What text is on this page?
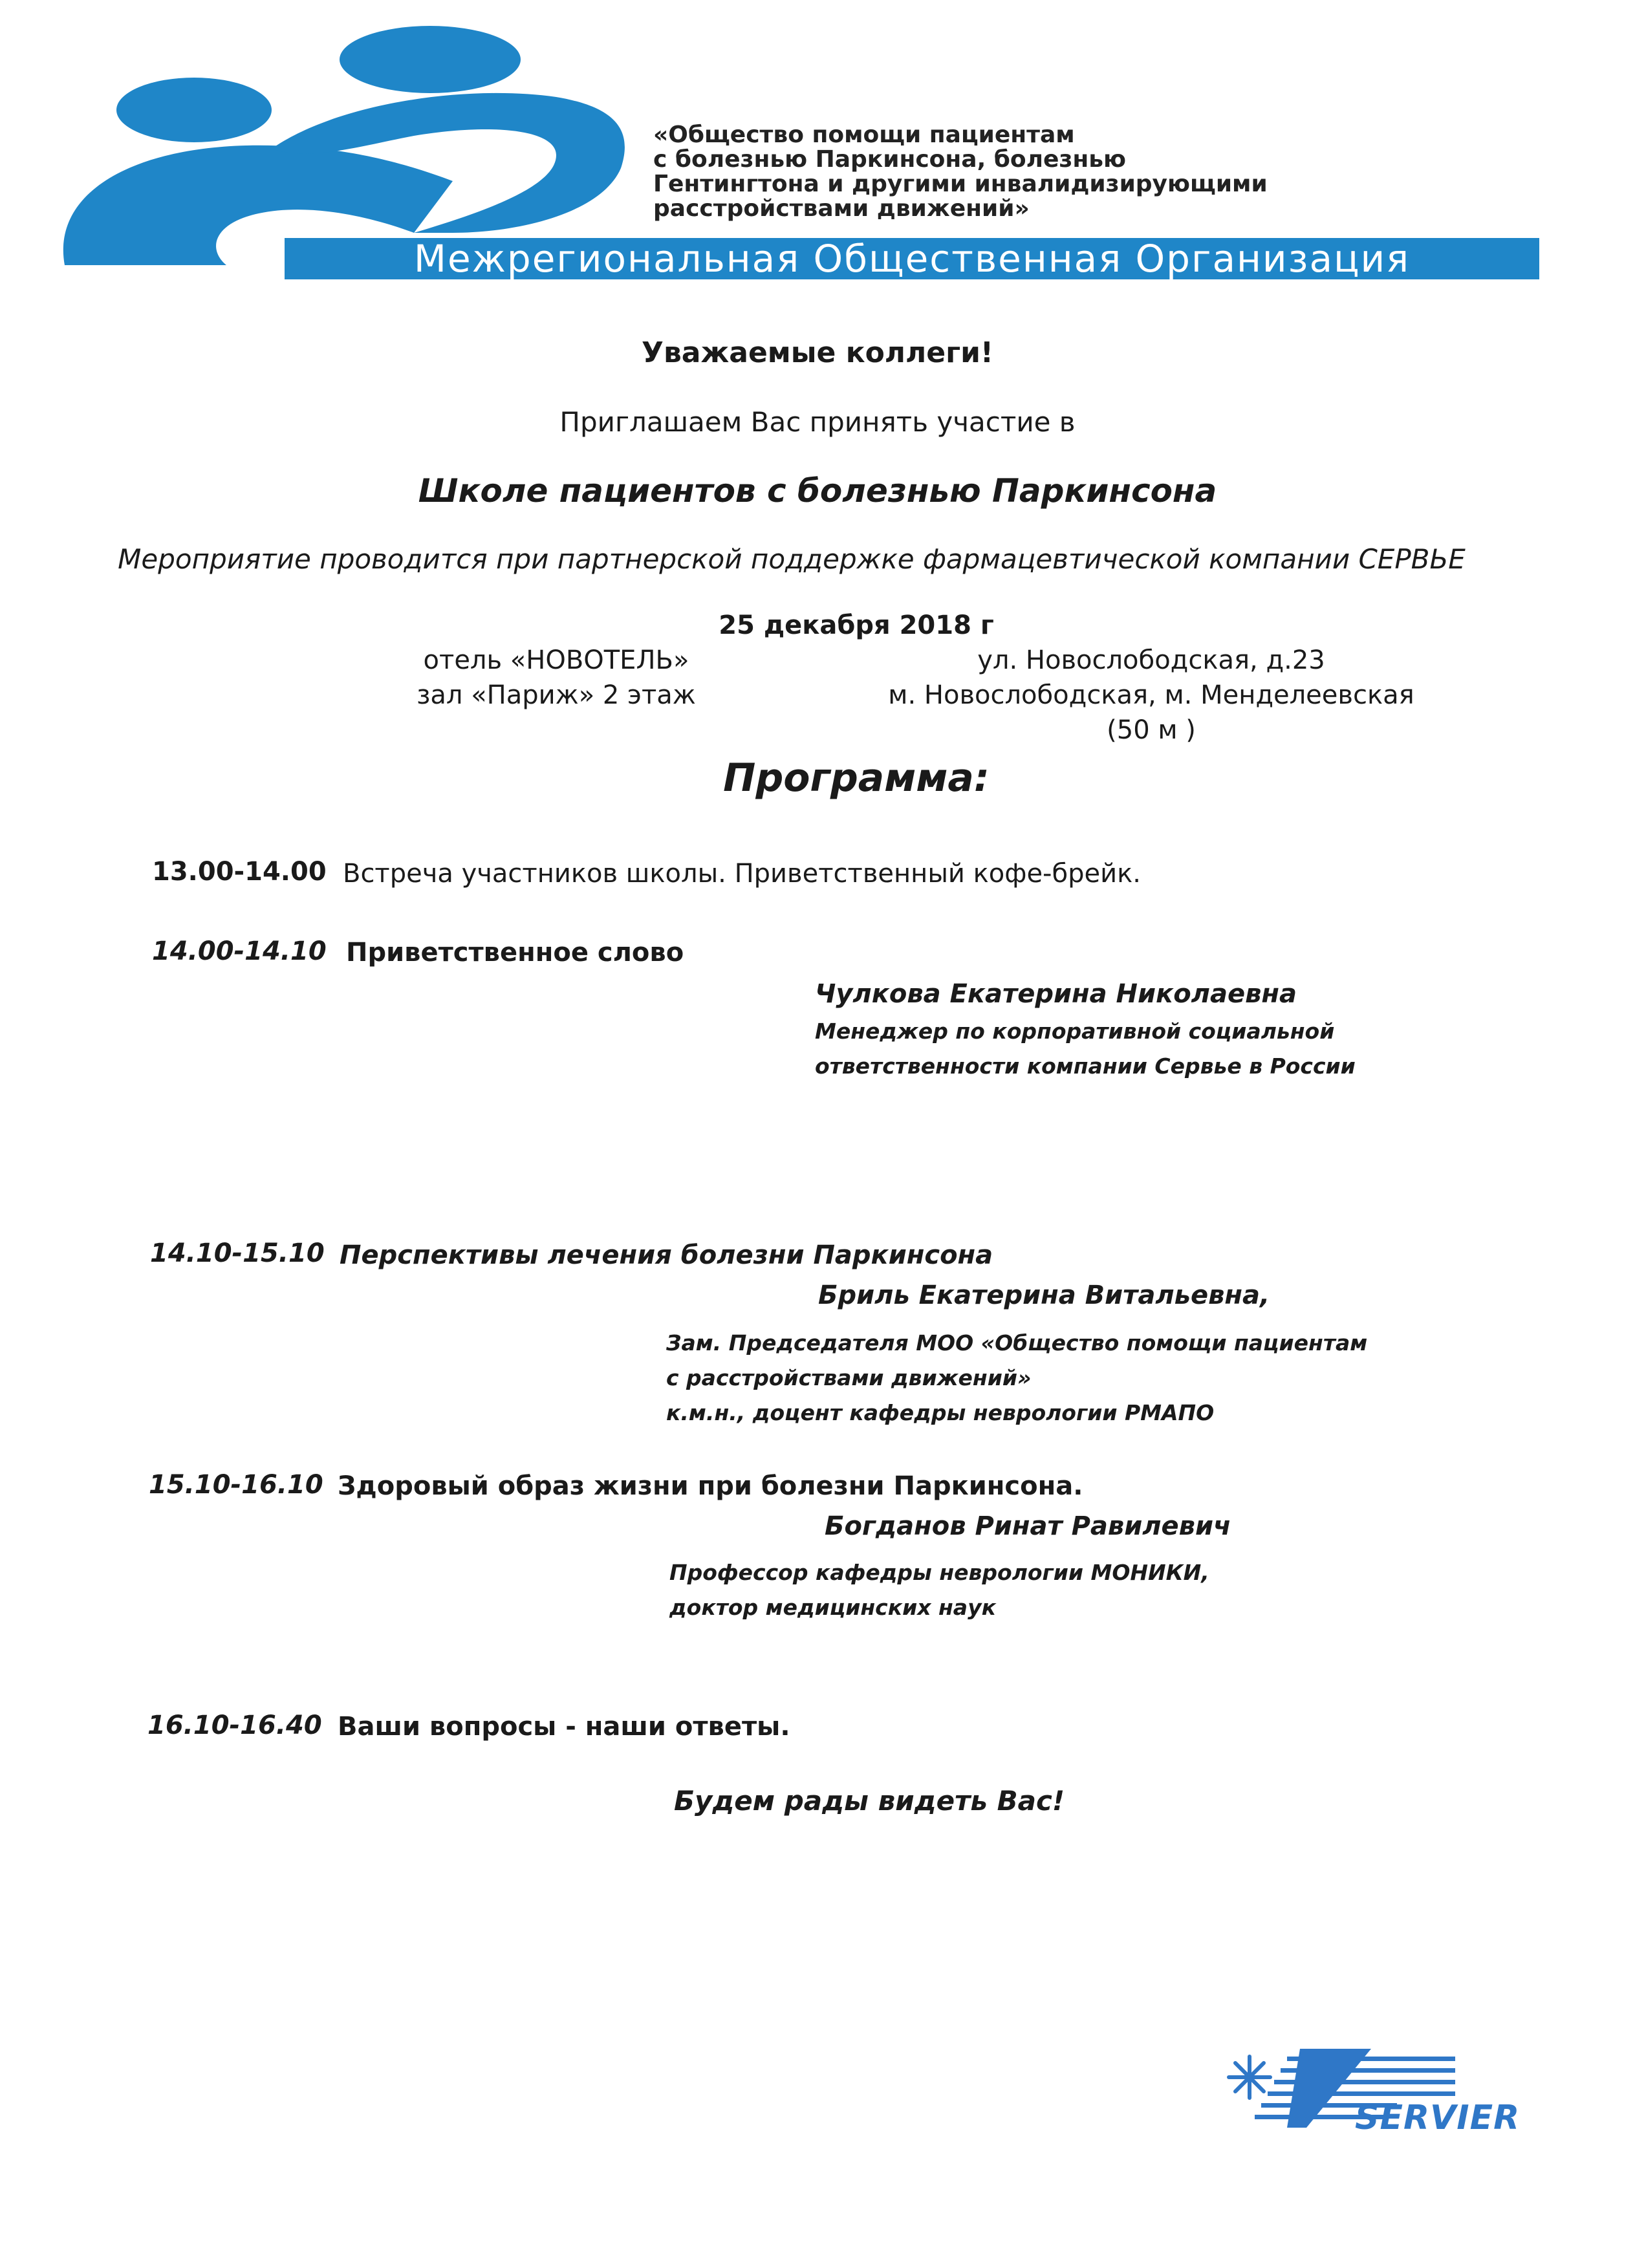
«Общество помощи пациентам
с болезнью Паркинсона, болезнью
Гентингтона и другими инвалидизирующими
расстройствами движений»
Межрегиональная Общественная Организация
Уважаемые коллеги!
Приглашаем Вас принять участие в
Школе пациентов с болезнью Паркинсона
Мероприятие проводится при партнерской поддержке фармацевтической компании СЕРВЬЕ
25 декабря 2018 г
отель «НОВОТЕЛЬ»
зал «Париж» 2 этаж
ул. Новослободская, д.23
м. Новослободская, м. Менделеевская
(50 м )
Программа:
13.00-14.00 Встреча участников школы. Приветственный кофе-брейк.
14.00-14.10 Приветственное слово
Чулкова Екатерина Николаевна
Менеджер по корпоративной социальной
ответственности компании Сервье в России
14.10-15.10 Перспективы лечения болезни Паркинсона
Бриль Екатерина Витальевна,
Зам. Председателя МОО «Общество помощи пациентам
с расстройствами движений»
к.м.н., доцент кафедры неврологии РМАПО
15.10-16.10 Здоровый образ жизни при болезни Паркинсона.
Богданов Ринат Равилевич
Профессор кафедры неврологии МОНИКИ,
доктор медицинских наук
16.10-16.40 Ваши вопросы - наши ответы.
Будем рады видеть Вас!
SERVIER
